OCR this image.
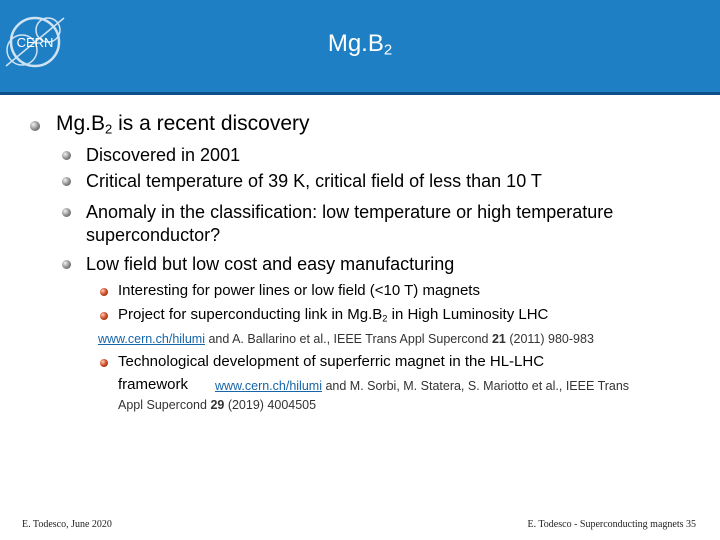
CERN	$Mg.B_2$
$Mg.B_2$ is a recent discovery
Discovered in 2001
Critical temperature of 39 K, critical field of less than 10 T
Anomaly in the classification: low temperature or high temperature
superconductor?
Low field but low cost and easy manufacturing
Interesting for power lines or low field (<10 T) magnets
Project for superconducting link in $Mg.B_2$ in High Luminosity LHC
www.cern.ch/hilumi and A. Ballarino et al., IEEE Trans Appl Supercond 21 (2011) 980-983
Technological development of superferric magnet in the HL-LHC
framework www.cern.ch/hilumi and M. Sorbi, M. Statera, S. Mariotto et al., IEEE Trans
Appl Supercond 29 (2019) 4004505
E. Todesco, June 2020	E. Todesco - Superconducting magnets 35
